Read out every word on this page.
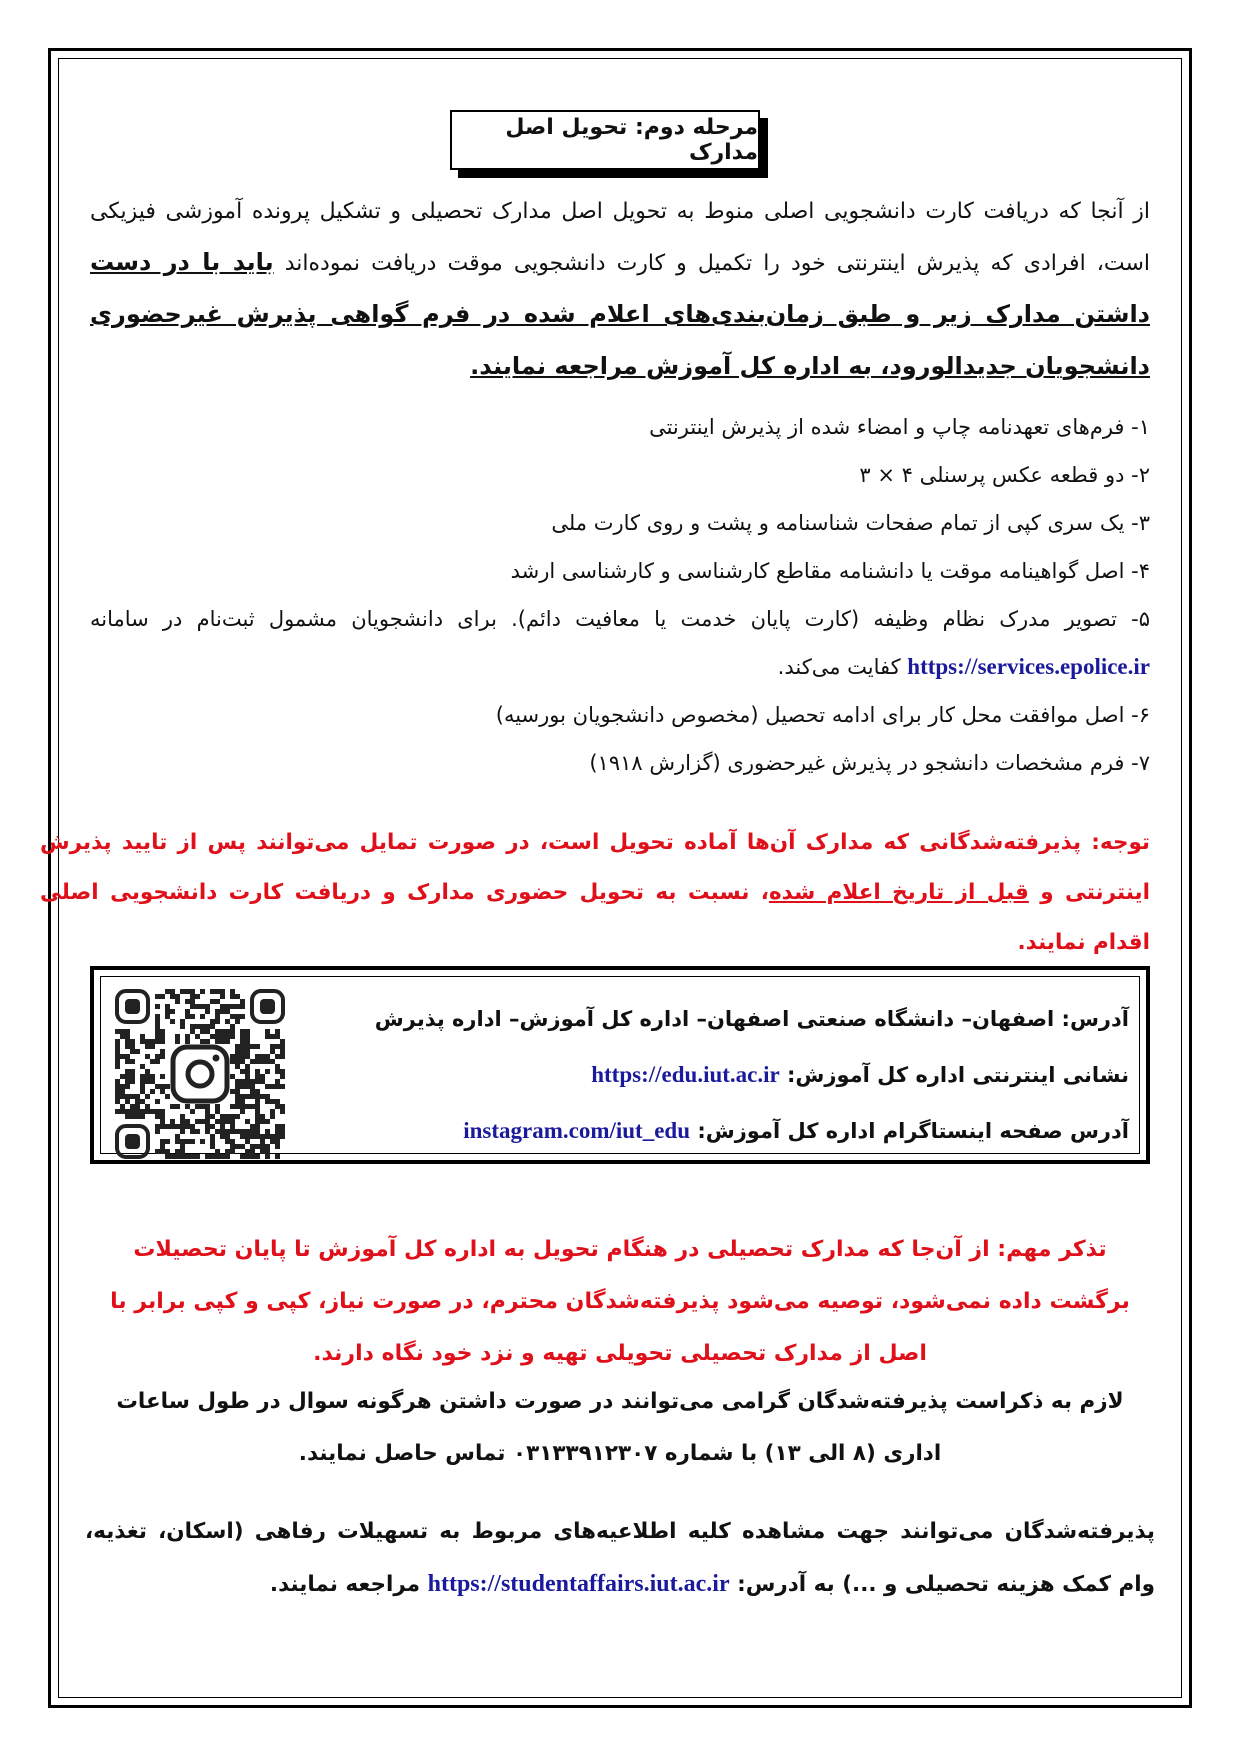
مرحله دوم: تحویل اصل مدارک
از آنجا که دریافت کارت دانشجویی اصلی منوط به تحویل اصل مدارک تحصیلی و تشکیل پرونده آموزشی فیزیکی است، افرادی که پذیرش اینترنتی خود را تکمیل و کارت دانشجویی موقت دریافت نموده‌اند باید با در دست داشتن مدارک زیر و طبق زمان‌بندی‌های اعلام شده در فرم گواهی پذیرش غیرحضوری دانشجویان جدیدالورود، به اداره کل آموزش مراجعه نمایند.
۱- فرم‌های تعهدنامه چاپ و امضاء شده از پذیرش اینترنتی
۲- دو قطعه عکس پرسنلی ۴ × ۳
۳- یک سری کپی از تمام صفحات شناسنامه و پشت و روی کارت ملی
۴- اصل گواهینامه موقت یا دانشنامه مقاطع کارشناسی و کارشناسی ارشد
۵- تصویر مدرک نظام وظیفه (کارت پایان خدمت یا معافیت دائم). برای دانشجویان مشمول ثبت‌نام در سامانه https://services.epolice.ir کفایت می‌کند.
۶- اصل موافقت محل کار برای ادامه تحصیل (مخصوص دانشجویان بورسیه)
۷- فرم مشخصات دانشجو در پذیرش غیرحضوری (گزارش ۱۹۱۸)
توجه: پذیرفته‌شدگانی که مدارک آن‌ها آماده تحویل است، در صورت تمایل می‌توانند پس از تایید پذیرش اینترنتی و قبل از تاریخ اعلام شده، نسبت به تحویل حضوری مدارک و دریافت کارت دانشجویی اصلی اقدام نمایند.
آدرس: اصفهان– دانشگاه صنعتی اصفهان– اداره کل آموزش– اداره پذیرش
نشانی اینترنتی اداره کل آموزش: https://edu.iut.ac.ir
آدرس صفحه اینستاگرام اداره کل آموزش: instagram.com/iut_edu
تذکر مهم: از آن‌جا که مدارک تحصیلی در هنگام تحویل به اداره کل آموزش تا پایان تحصیلات برگشت داده نمی‌شود، توصیه می‌شود پذیرفته‌شدگان محترم، در صورت نیاز، کپی و کپی برابر با اصل از مدارک تحصیلی تحویلی تهیه و نزد خود نگاه دارند.
لازم به ذکراست پذیرفته‌شدگان گرامی می‌توانند در صورت داشتن هرگونه سوال در طول ساعات اداری (۸ الی ۱۳) با شماره ۰۳۱۳۳۹۱۲۳۰۷ تماس حاصل نمایند.
پذیرفته‌شدگان می‌توانند جهت مشاهده کلیه اطلاعیه‌های مربوط به تسهیلات رفاهی (اسکان، تغذیه، وام کمک هزینه تحصیلی و ...) به آدرس: https://studentaffairs.iut.ac.ir مراجعه نمایند.
